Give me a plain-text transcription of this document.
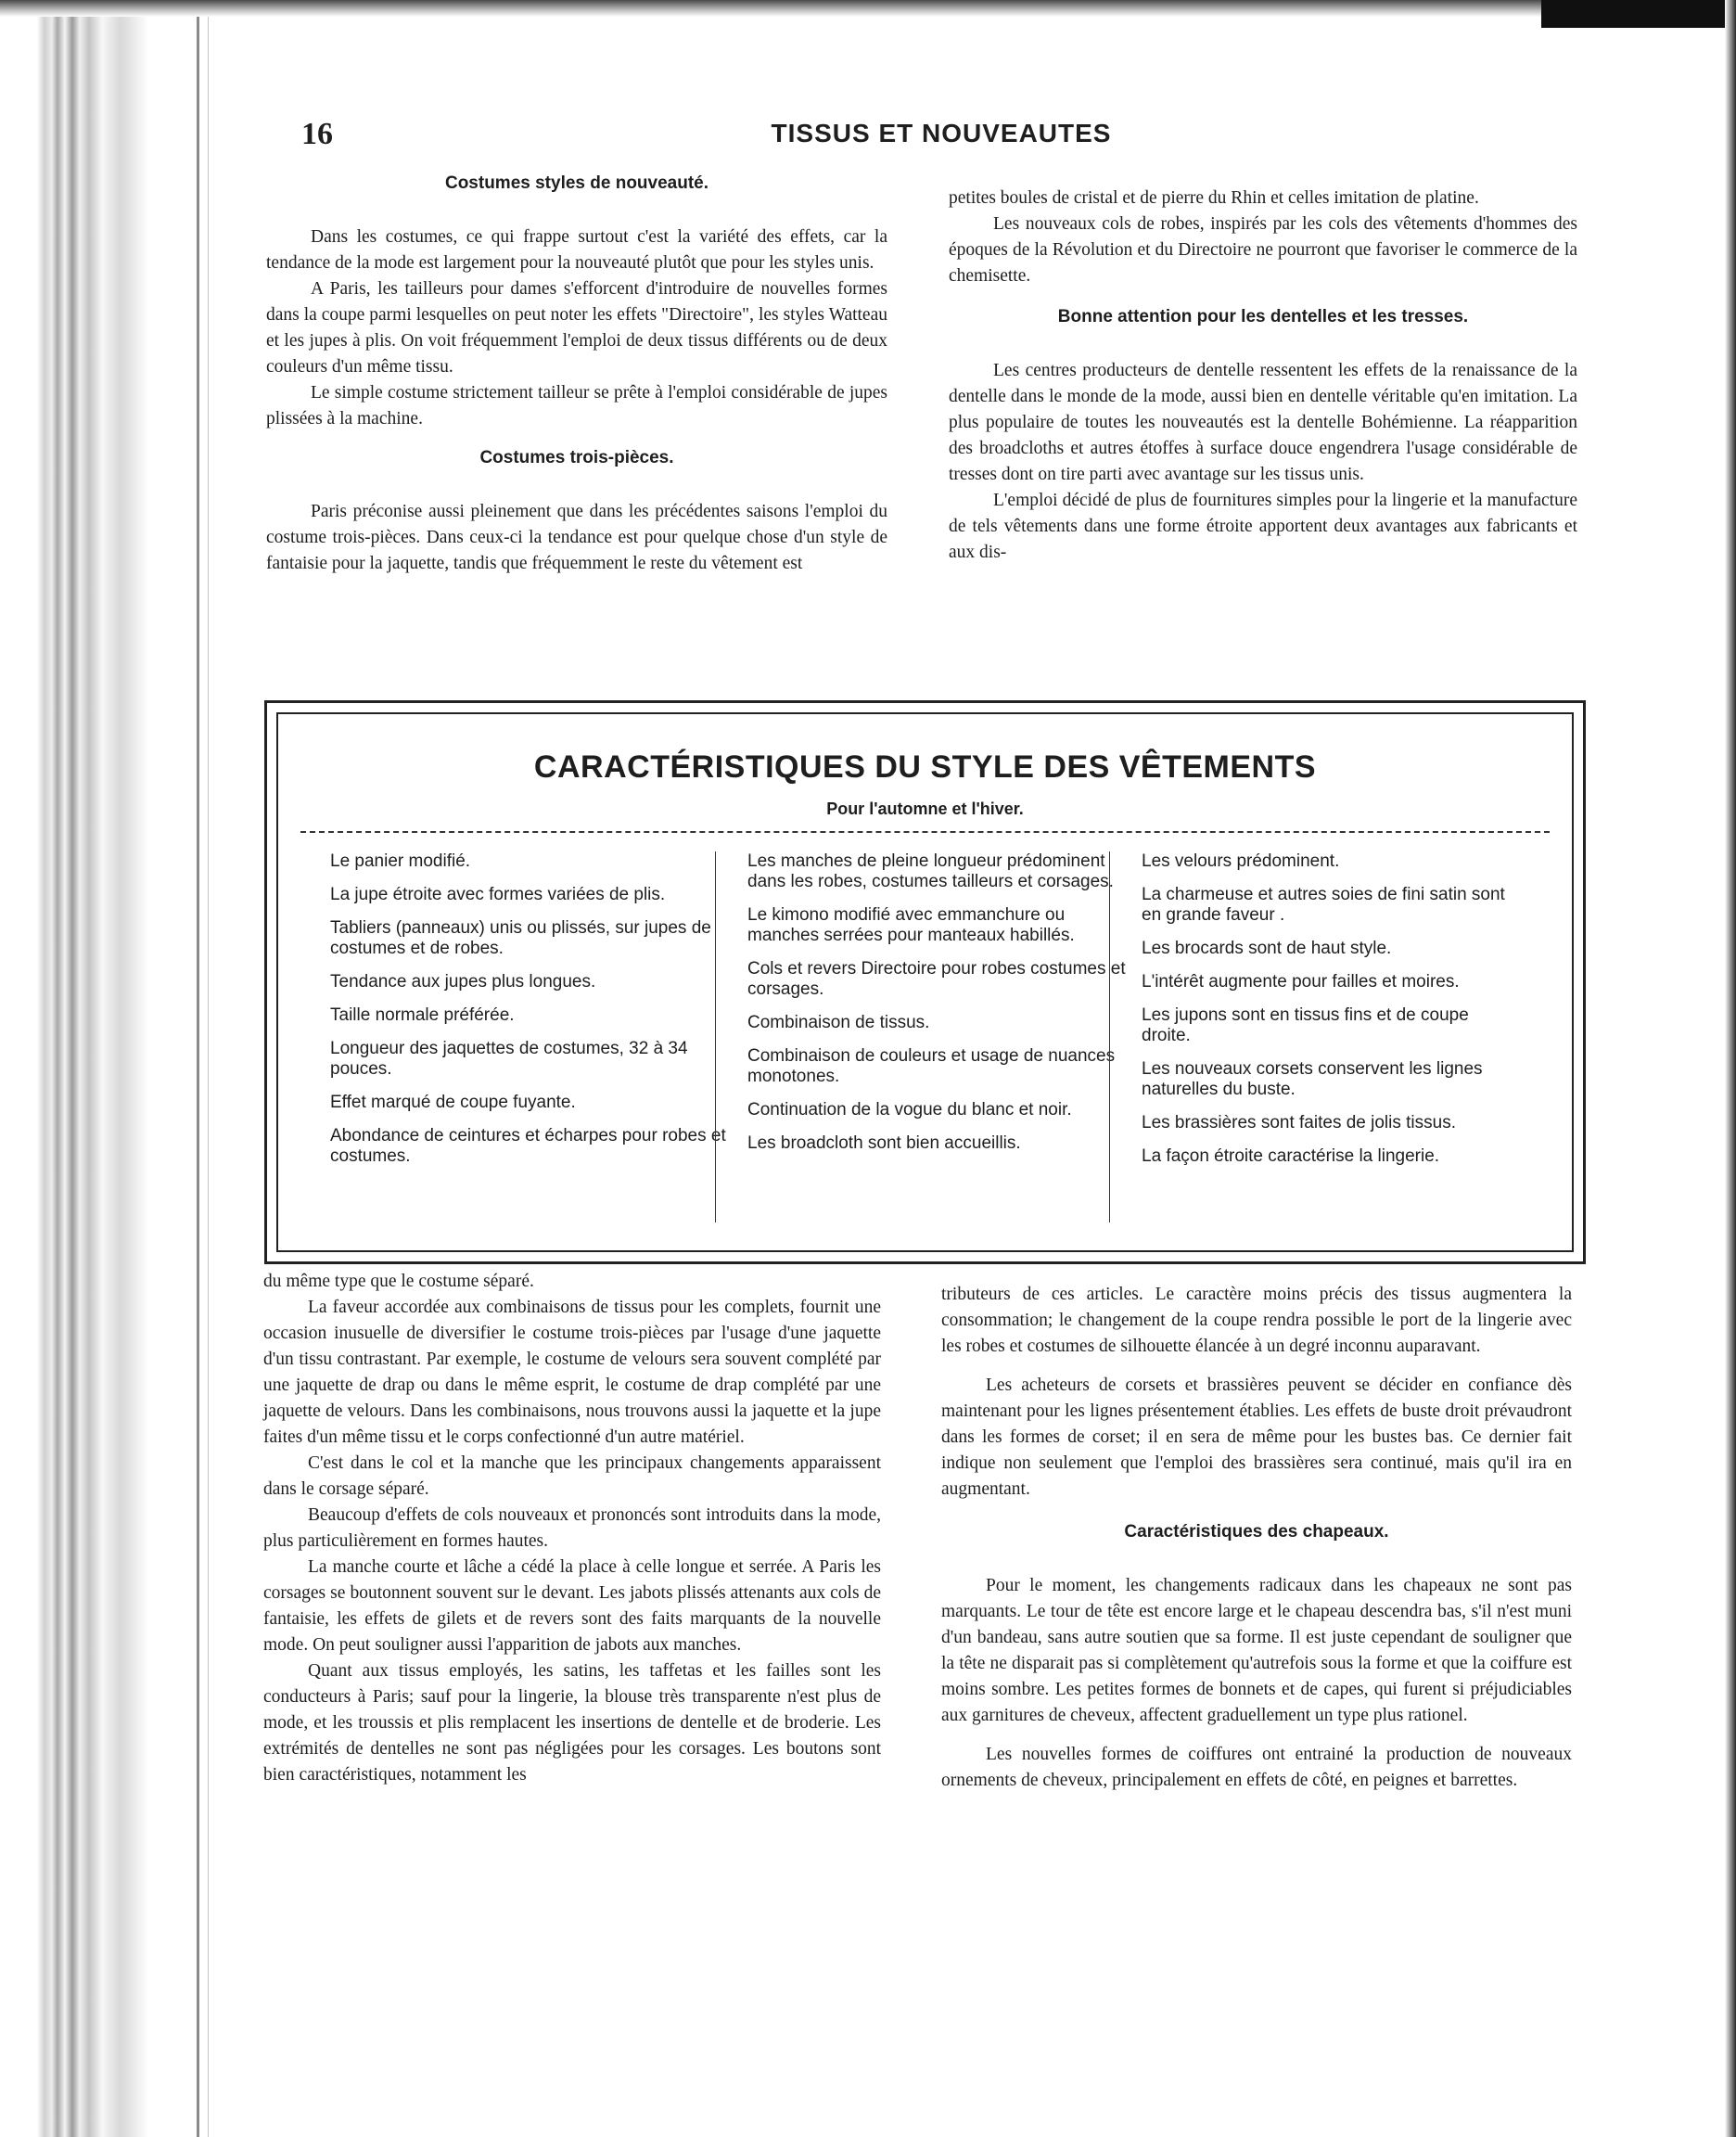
16	TISSUS ET NOUVEAUTES
Costumes styles de nouveauté.

Dans les costumes, ce qui frappe surtout c'est la variété des effets, car la tendance de la mode est largement pour la nouveauté plutôt que pour les styles unis.

A Paris, les tailleurs pour dames s'efforcent d'introduire de nouvelles formes dans la coupe parmi lesquelles on peut noter les effets "Directoire", les styles Watteau et les jupes à plis. On voit fréquemment l'emploi de deux tissus différents ou de deux couleurs d'un même tissu.

Le simple costume strictement tailleur se prête à l'emploi considérable de jupes plissées à la machine.

Costumes trois-pièces.

Paris préconise aussi pleinement que dans les précédentes saisons l'emploi du costume trois-pièces. Dans ceux-ci la tendance est pour quelque chose d'un style de fantaisie pour la jaquette, tandis que fréquemment le reste du vêtement est

petites boules de cristal et de pierre du Rhin et celles imitation de platine.

Les nouveaux cols de robes, inspirés par les cols des vêtements d'hommes des époques de la Révolution et du Directoire ne pourront que favoriser le commerce de la chemisette.

Bonne attention pour les dentelles et les tresses.

Les centres producteurs de dentelle ressentent les effets de la renaissance de la dentelle dans le monde de la mode, aussi bien en dentelle véritable qu'en imitation. La plus populaire de toutes les nouveautés est la dentelle Bohémienne. La réapparition des broadcloths et autres étoffes à surface douce engendrera l'usage considérable de tresses dont on tire parti avec avantage sur les tissus unis.

L'emploi décidé de plus de fournitures simples pour la lingerie et la manufacture de tels vêtements dans une forme étroite apportent deux avantages aux fabricants et aux dis-

CARACTÉRISTIQUES DU STYLE DES VÊTEMENTS
Pour l'automne et l'hiver.
Le panier modifié.
La jupe étroite avec formes variées de plis.
Tabliers (panneaux) unis ou plissés, sur jupes de costumes et de robes.
Tendance aux jupes plus longues.
Taille normale préférée.
Longueur des jaquettes de costumes, 32 à 34 pouces.
Effet marqué de coupe fuyante.
Abondance de ceintures et écharpes pour robes et costumes.
Les manches de pleine longueur prédominent dans les robes, costumes tailleurs et corsages.
Le kimono modifié avec emmanchure ou manches serrées pour manteaux habillés.
Cols et revers Directoire pour robes costumes et corsages.
Combinaison de tissus.
Combinaison de couleurs et usage de nuances monotones.
Continuation de la vogue du blanc et noir.
Les broadcloth sont bien accueillis.
Les velours prédominent.
La charmeuse et autres soies de fini satin sont en grande faveur .
Les brocards sont de haut style.
L'intérêt augmente pour failles et moires.
Les jupons sont en tissus fins et de coupe droite.
Les nouveaux corsets conservent les lignes naturelles du buste.
Les brassières sont faites de jolis tissus.
La façon étroite caractérise la lingerie.

du même type que le costume séparé.

La faveur accordée aux combinaisons de tissus pour les complets, fournit une occasion inusuelle de diversifier le costume trois-pièces par l'usage d'une jaquette d'un tissu contrastant. Par exemple, le costume de velours sera souvent complété par une jaquette de drap ou dans le même esprit, le costume de drap complété par une jaquette de velours. Dans les combinaisons, nous trouvons aussi la jaquette et la jupe faites d'un même tissu et le corps confectionné d'un autre matériel.

C'est dans le col et la manche que les principaux changements apparaissent dans le corsage séparé.

Beaucoup d'effets de cols nouveaux et prononcés sont introduits dans la mode, plus particulièrement en formes hautes.

La manche courte et lâche a cédé la place à celle longue et serrée. A Paris les corsages se boutonnent souvent sur le devant. Les jabots plissés attenants aux cols de fantaisie, les effets de gilets et de revers sont des faits marquants de la nouvelle mode. On peut souligner aussi l'apparition de jabots aux manches.

Quant aux tissus employés, les satins, les taffetas et les failles sont les conducteurs à Paris; sauf pour la lingerie, la blouse très transparente n'est plus de mode, et les troussis et plis remplacent les insertions de dentelle et de broderie. Les extrémités de dentelles ne sont pas négligées pour les corsages. Les boutons sont bien caractéristiques, notamment les

tributeurs de ces articles. Le caractère moins précis des tissus augmentera la consommation; le changement de la coupe rendra possible le port de la lingerie avec les robes et costumes de silhouette élancée à un degré inconnu auparavant.

Les acheteurs de corsets et brassières peuvent se décider en confiance dès maintenant pour les lignes présentement établies. Les effets de buste droit prévaudront dans les formes de corset; il en sera de même pour les bustes bas. Ce dernier fait indique non seulement que l'emploi des brassières sera continué, mais qu'il ira en augmentant.

Caractéristiques des chapeaux.

Pour le moment, les changements radicaux dans les chapeaux ne sont pas marquants. Le tour de tête est encore large et le chapeau descendra bas, s'il n'est muni d'un bandeau, sans autre soutien que sa forme. Il est juste cependant de souligner que la tête ne disparait pas si complètement qu'autrefois sous la forme et que la coiffure est moins sombre. Les petites formes de bonnets et de capes, qui furent si préjudiciables aux garnitures de cheveux, affectent graduellement un type plus rationel.

Les nouvelles formes de coiffures ont entrainé la production de nouveaux ornements de cheveux, principalement en effets de côté, en peignes et barrettes.
